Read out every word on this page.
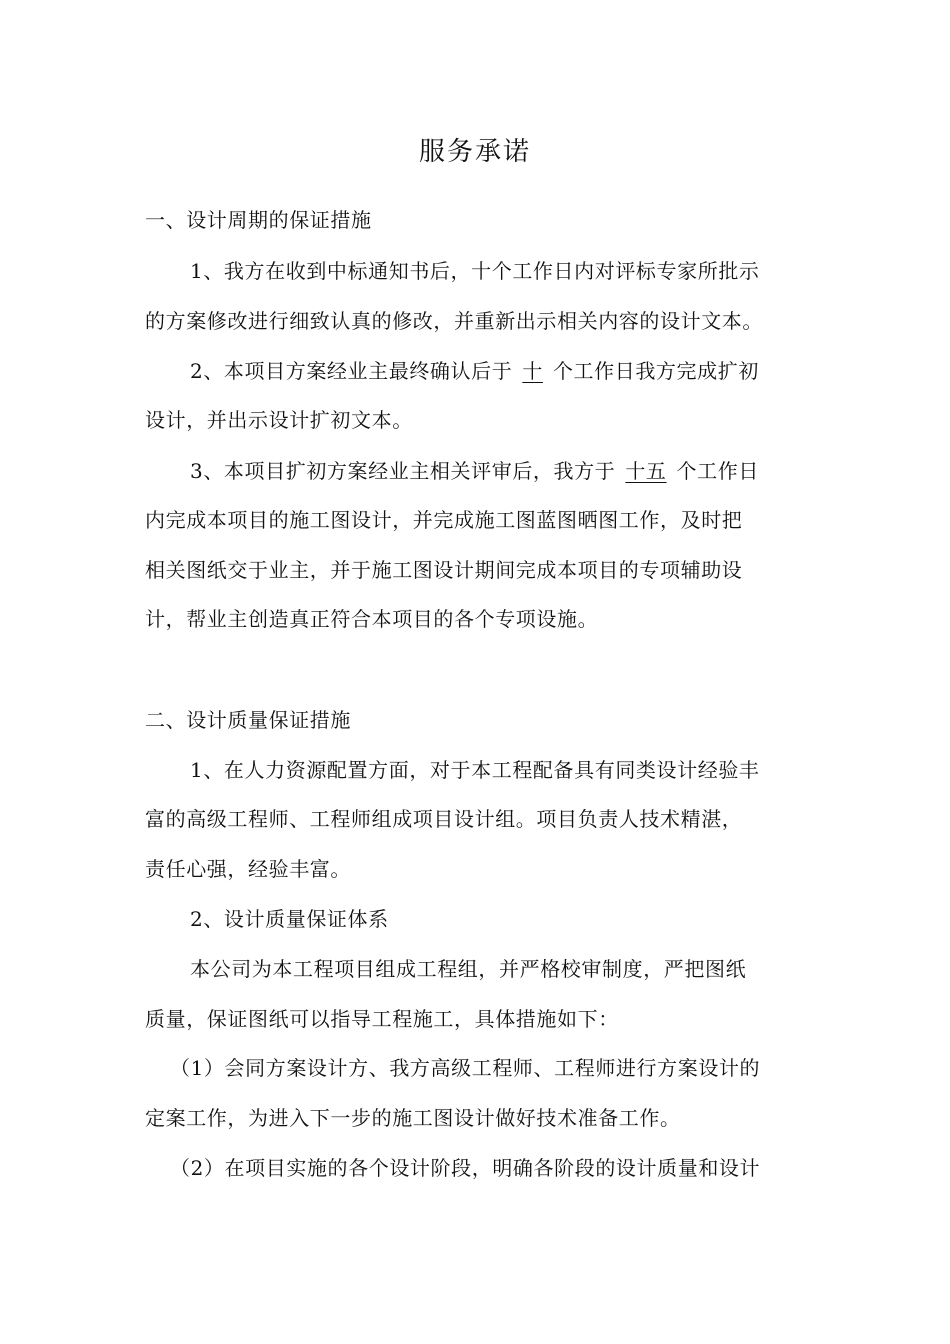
服务承诺
一、设计周期的保证措施
1、我方在收到中标通知书后，十个工作日内对评标专家所批示
的方案修改进行细致认真的修改，并重新出示相关内容的设计文本。
2、本项目方案经业主最终确认后于 十 个工作日我方完成扩初
设计，并出示设计扩初文本。
3、本项目扩初方案经业主相关评审后，我方于 十五 个工作日
内完成本项目的施工图设计，并完成施工图蓝图晒图工作，及时把
相关图纸交于业主，并于施工图设计期间完成本项目的专项辅助设
计，帮业主创造真正符合本项目的各个专项设施。
二、设计质量保证措施
1、在人力资源配置方面，对于本工程配备具有同类设计经验丰
富的高级工程师、工程师组成项目设计组。项目负责人技术精湛，
责任心强，经验丰富。
2、设计质量保证体系
本公司为本工程项目组成工程组，并严格校审制度，严把图纸
质量，保证图纸可以指导工程施工，具体措施如下：
（1）会同方案设计方、我方高级工程师、工程师进行方案设计的
定案工作，为进入下一步的施工图设计做好技术准备工作。
（2）在项目实施的各个设计阶段，明确各阶段的设计质量和设计
